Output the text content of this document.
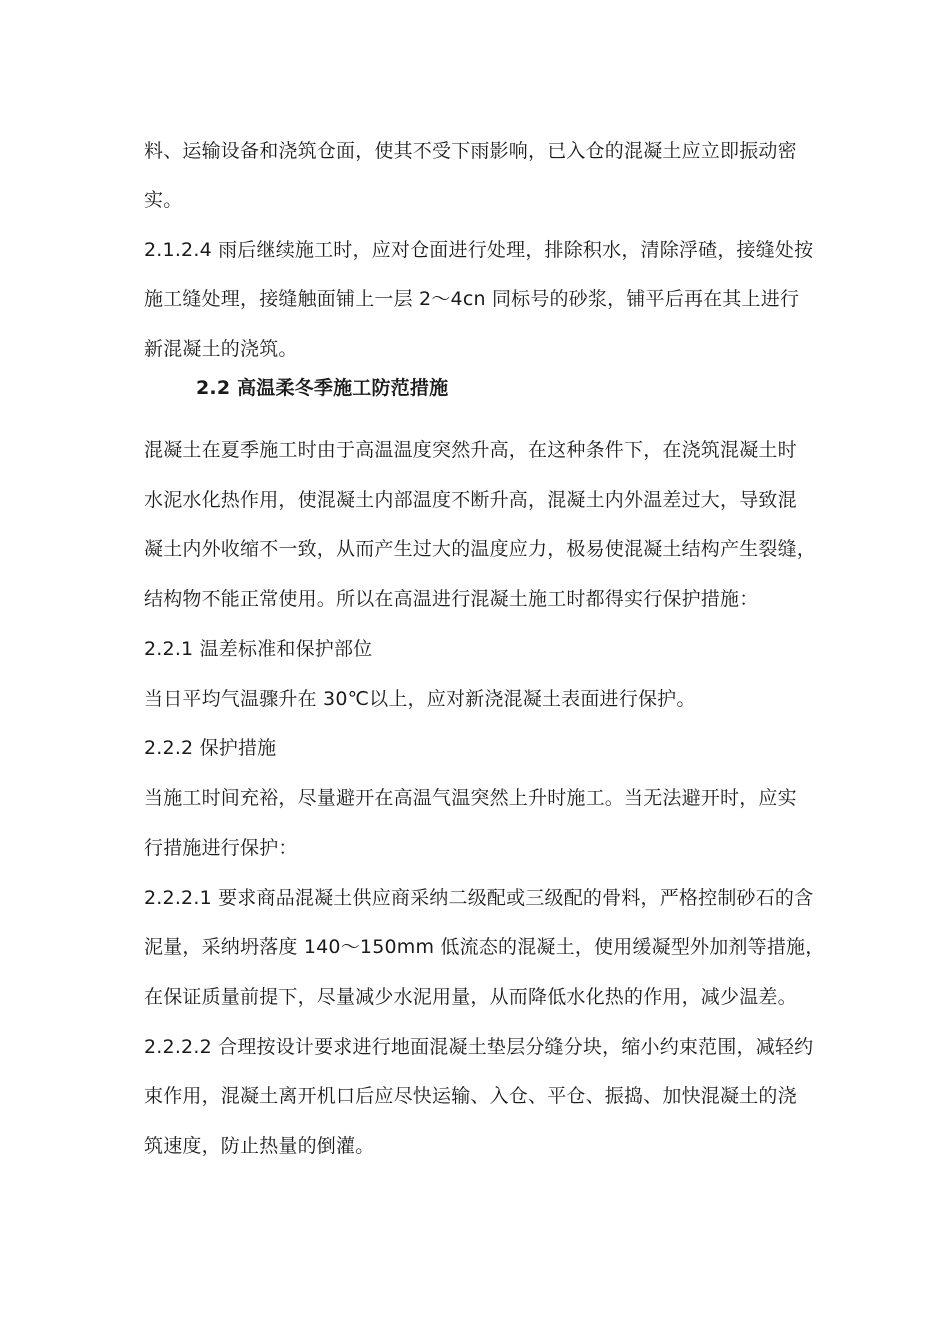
料、运输设备和浇筑仓面，使其不受下雨影响，已入仓的混凝土应立即振动密
实。
2.1.2.4 雨后继续施工时，应对仓面进行处理，排除积水，清除浮碴，接缝处按
施工缝处理，接缝触面铺上一层 2～4cn 同标号的砂浆，铺平后再在其上进行
新混凝土的浇筑。
2.2 高温柔冬季施工防范措施
混凝土在夏季施工时由于高温温度突然升高，在这种条件下，在浇筑混凝土时
水泥水化热作用，使混凝土内部温度不断升高，混凝土内外温差过大，导致混
凝土内外收缩不一致，从而产生过大的温度应力，极易使混凝土结构产生裂缝，
结构物不能正常使用。所以在高温进行混凝土施工时都得实行保护措施：
2.2.1 温差标准和保护部位
当日平均气温骤升在 30℃以上，应对新浇混凝土表面进行保护。
2.2.2 保护措施
当施工时间充裕，尽量避开在高温气温突然上升时施工。当无法避开时，应实
行措施进行保护：
2.2.2.1 要求商品混凝土供应商采纳二级配或三级配的骨料，严格控制砂石的含
泥量，采纳坍落度 140～150mm 低流态的混凝土，使用缓凝型外加剂等措施，
在保证质量前提下，尽量减少水泥用量，从而降低水化热的作用，减少温差。
2.2.2.2 合理按设计要求进行地面混凝土垫层分缝分块，缩小约束范围，减轻约
束作用，混凝土离开机口后应尽快运输、入仓、平仓、振捣、加快混凝土的浇
筑速度，防止热量的倒灌。
